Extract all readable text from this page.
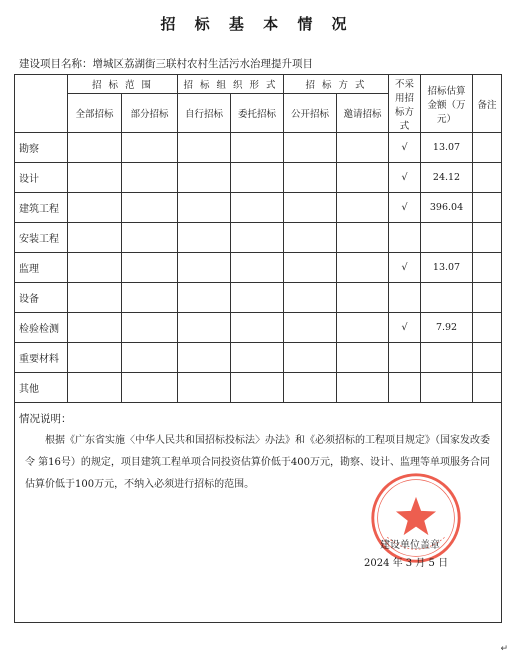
招 标 基 本 情 况
建设项目名称：增城区荔湖街三联村农村生活污水治理提升项目
	招 标 范 围		招 标 组 织 形 式		招 标 方 式		不采用招标方式	招标估算金额（万元）	备注
	全部招标	部分招标	自行招标	委托招标	公开招标	邀请招标			
勘察							√	13.07	
设计							√	24.12	
建筑工程							√	396.04	
安装工程									
监理							√	13.07	
设备									
检验检测							√	7.92	
重要材料									
其他									

情况说明：
根据《广东省实施〈中华人民共和国招标投标法〉办法》和《必须招标的工程项目规定》（国家发改委令 第16号）的规定，项目建筑工程单项合同投资估算价低于400万元，勘察、设计、监理等单项服务合同估算价低于100万元，不纳入必须进行招标的范围。									
建设单位盖章
2024 年 3 月 5 日
↵
